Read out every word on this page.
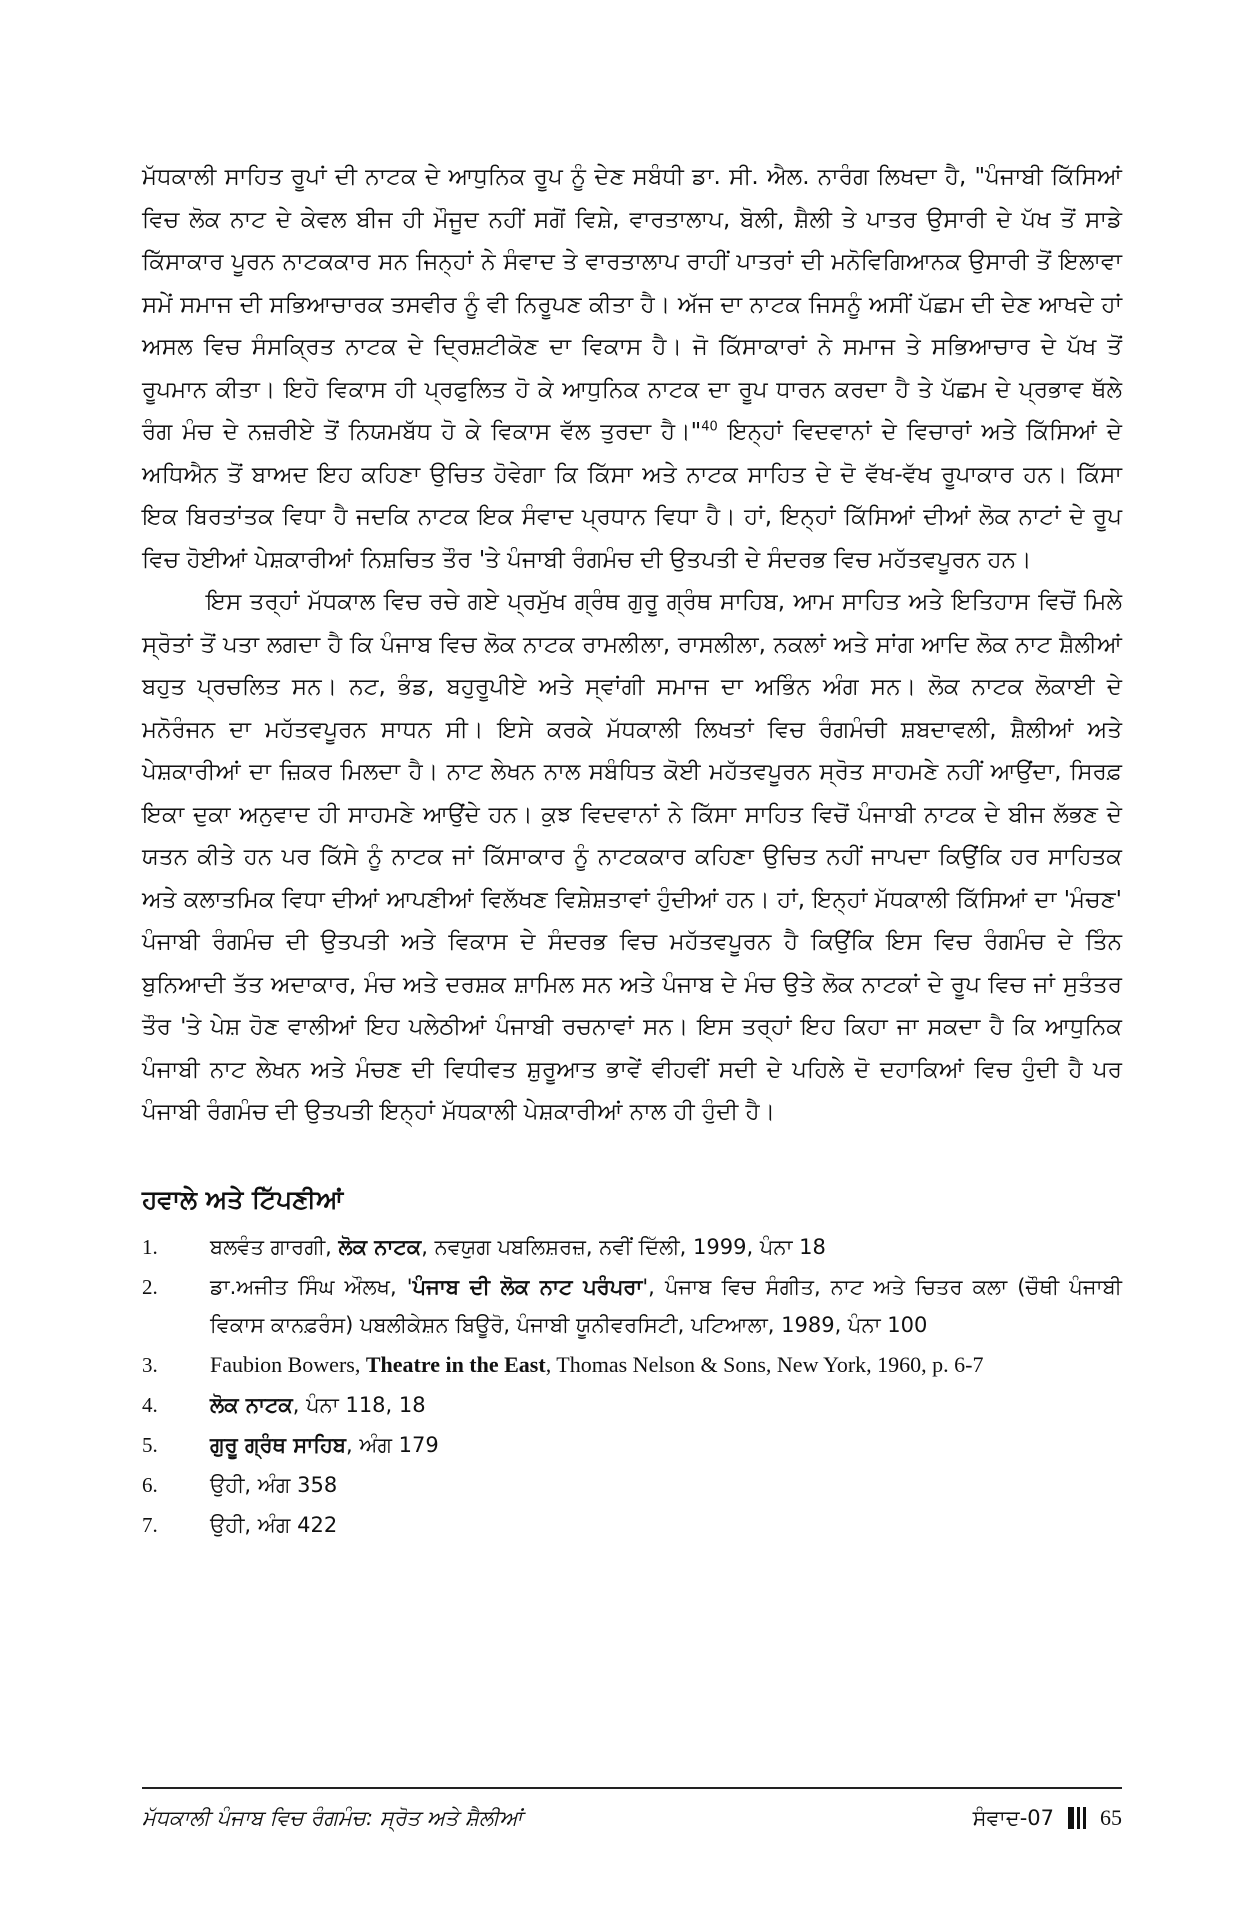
ਮੱਧਕਾਲੀ ਸਾਹਿਤ ਰੂਪਾਂ ਦੀ ਨਾਟਕ ਦੇ ਆਧੁਨਿਕ ਰੂਪ ਨੂੰ ਦੇਣ ਸਬੰਧੀ ਡਾ. ਸੀ. ਐਲ. ਨਾਰੰਗ ਲਿਖਦਾ ਹੈ, "ਪੰਜਾਬੀ ਕਿੱਸਿਆਂ ਵਿਚ ਲੋਕ ਨਾਟ ਦੇ ਕੇਵਲ ਬੀਜ ਹੀ ਮੌਜੂਦ ਨਹੀਂ ਸਗੋਂ ਵਿਸ਼ੇ, ਵਾਰਤਾਲਾਪ, ਬੋਲੀ, ਸ਼ੈਲੀ ਤੇ ਪਾਤਰ ਉਸਾਰੀ ਦੇ ਪੱਖ ਤੋਂ ਸਾਡੇ ਕਿੱਸਾਕਾਰ ਪੂਰਨ ਨਾਟਕਕਾਰ ਸਨ ਜਿਨ੍ਹਾਂ ਨੇ ਸੰਵਾਦ ਤੇ ਵਾਰਤਾਲਾਪ ਰਾਹੀਂ ਪਾਤਰਾਂ ਦੀ ਮਨੋਵਿਗਿਆਨਕ ਉਸਾਰੀ ਤੋਂ ਇਲਾਵਾ ਸਮੇਂ ਸਮਾਜ ਦੀ ਸਭਿਆਚਾਰਕ ਤਸਵੀਰ ਨੂੰ ਵੀ ਨਿਰੂਪਣ ਕੀਤਾ ਹੈ। ਅੱਜ ਦਾ ਨਾਟਕ ਜਿਸਨੂੰ ਅਸੀਂ ਪੱਛਮ ਦੀ ਦੇਣ ਆਖਦੇ ਹਾਂ ਅਸਲ ਵਿਚ ਸੰਸਕ੍ਰਿਤ ਨਾਟਕ ਦੇ ਦ੍ਰਿਸ਼ਟੀਕੋਣ ਦਾ ਵਿਕਾਸ ਹੈ। ਜੋ ਕਿੱਸਾਕਾਰਾਂ ਨੇ ਸਮਾਜ ਤੇ ਸਭਿਆਚਾਰ ਦੇ ਪੱਖ ਤੋਂ ਰੂਪਮਾਨ ਕੀਤਾ। ਇਹੋ ਵਿਕਾਸ ਹੀ ਪ੍ਰਫੁਲਿਤ ਹੋ ਕੇ ਆਧੁਨਿਕ ਨਾਟਕ ਦਾ ਰੂਪ ਧਾਰਨ ਕਰਦਾ ਹੈ ਤੇ ਪੱਛਮ ਦੇ ਪ੍ਰਭਾਵ ਥੱਲੇ ਰੰਗ ਮੰਚ ਦੇ ਨਜ਼ਰੀਏ ਤੋਂ ਨਿਯਮਬੱਧ ਹੋ ਕੇ ਵਿਕਾਸ ਵੱਲ ਤੁਰਦਾ ਹੈ।"$^{40}$ ਇਨ੍ਹਾਂ ਵਿਦਵਾਨਾਂ ਦੇ ਵਿਚਾਰਾਂ ਅਤੇ ਕਿੱਸਿਆਂ ਦੇ ਅਧਿਐਨ ਤੋਂ ਬਾਅਦ ਇਹ ਕਹਿਣਾ ਉਚਿਤ ਹੋਵੇਗਾ ਕਿ ਕਿੱਸਾ ਅਤੇ ਨਾਟਕ ਸਾਹਿਤ ਦੇ ਦੋ ਵੱਖ-ਵੱਖ ਰੂਪਾਕਾਰ ਹਨ। ਕਿੱਸਾ ਇਕ ਬਿਰਤਾਂਤਕ ਵਿਧਾ ਹੈ ਜਦਕਿ ਨਾਟਕ ਇਕ ਸੰਵਾਦ ਪ੍ਰਧਾਨ ਵਿਧਾ ਹੈ। ਹਾਂ, ਇਨ੍ਹਾਂ ਕਿੱਸਿਆਂ ਦੀਆਂ ਲੋਕ ਨਾਟਾਂ ਦੇ ਰੂਪ ਵਿਚ ਹੋਈਆਂ ਪੇਸ਼ਕਾਰੀਆਂ ਨਿਸ਼ਚਿਤ ਤੌਰ 'ਤੇ ਪੰਜਾਬੀ ਰੰਗਮੰਚ ਦੀ ਉਤਪਤੀ ਦੇ ਸੰਦਰਭ ਵਿਚ ਮਹੱਤਵਪੂਰਨ ਹਨ।

ਇਸ ਤਰ੍ਹਾਂ ਮੱਧਕਾਲ ਵਿਚ ਰਚੇ ਗਏ ਪ੍ਰਮੁੱਖ ਗ੍ਰੰਥ ਗੁਰੂ ਗ੍ਰੰਥ ਸਾਹਿਬ, ਆਮ ਸਾਹਿਤ ਅਤੇ ਇਤਿਹਾਸ ਵਿਚੋਂ ਮਿਲੇ ਸ੍ਰੋਤਾਂ ਤੋਂ ਪਤਾ ਲਗਦਾ ਹੈ ਕਿ ਪੰਜਾਬ ਵਿਚ ਲੋਕ ਨਾਟਕ ਰਾਮਲੀਲਾ, ਰਾਸਲੀਲਾ, ਨਕਲਾਂ ਅਤੇ ਸਾਂਗ ਆਦਿ ਲੋਕ ਨਾਟ ਸ਼ੈਲੀਆਂ ਬਹੁਤ ਪ੍ਰਚਲਿਤ ਸਨ। ਨਟ, ਭੰਡ, ਬਹੁਰੂਪੀਏ ਅਤੇ ਸ੍ਵਾਂਗੀ ਸਮਾਜ ਦਾ ਅਭਿੰਨ ਅੰਗ ਸਨ। ਲੋਕ ਨਾਟਕ ਲੋਕਾਈ ਦੇ ਮਨੋਰੰਜਨ ਦਾ ਮਹੱਤਵਪੂਰਨ ਸਾਧਨ ਸੀ। ਇਸੇ ਕਰਕੇ ਮੱਧਕਾਲੀ ਲਿਖਤਾਂ ਵਿਚ ਰੰਗਮੰਚੀ ਸ਼ਬਦਾਵਲੀ, ਸ਼ੈਲੀਆਂ ਅਤੇ ਪੇਸ਼ਕਾਰੀਆਂ ਦਾ ਜ਼ਿਕਰ ਮਿਲਦਾ ਹੈ। ਨਾਟ ਲੇਖਨ ਨਾਲ ਸਬੰਧਿਤ ਕੋਈ ਮਹੱਤਵਪੂਰਨ ਸ੍ਰੋਤ ਸਾਹਮਣੇ ਨਹੀਂ ਆਉਂਦਾ, ਸਿਰਫ਼ ਇਕਾ ਦੁਕਾ ਅਨੁਵਾਦ ਹੀ ਸਾਹਮਣੇ ਆਉਂਦੇ ਹਨ। ਕੁਝ ਵਿਦਵਾਨਾਂ ਨੇ ਕਿੱਸਾ ਸਾਹਿਤ ਵਿਚੋਂ ਪੰਜਾਬੀ ਨਾਟਕ ਦੇ ਬੀਜ ਲੱਭਣ ਦੇ ਯਤਨ ਕੀਤੇ ਹਨ ਪਰ ਕਿੱਸੇ ਨੂੰ ਨਾਟਕ ਜਾਂ ਕਿੱਸਾਕਾਰ ਨੂੰ ਨਾਟਕਕਾਰ ਕਹਿਣਾ ਉਚਿਤ ਨਹੀਂ ਜਾਪਦਾ ਕਿਉਂਕਿ ਹਰ ਸਾਹਿਤਕ ਅਤੇ ਕਲਾਤਮਿਕ ਵਿਧਾ ਦੀਆਂ ਆਪਣੀਆਂ ਵਿਲੱਖਣ ਵਿਸ਼ੇਸ਼ਤਾਵਾਂ ਹੁੰਦੀਆਂ ਹਨ। ਹਾਂ, ਇਨ੍ਹਾਂ ਮੱਧਕਾਲੀ ਕਿੱਸਿਆਂ ਦਾ 'ਮੰਚਣ' ਪੰਜਾਬੀ ਰੰਗਮੰਚ ਦੀ ਉਤਪਤੀ ਅਤੇ ਵਿਕਾਸ ਦੇ ਸੰਦਰਭ ਵਿਚ ਮਹੱਤਵਪੂਰਨ ਹੈ ਕਿਉਂਕਿ ਇਸ ਵਿਚ ਰੰਗਮੰਚ ਦੇ ਤਿੰਨ ਬੁਨਿਆਦੀ ਤੱਤ ਅਦਾਕਾਰ, ਮੰਚ ਅਤੇ ਦਰਸ਼ਕ ਸ਼ਾਮਿਲ ਸਨ ਅਤੇ ਪੰਜਾਬ ਦੇ ਮੰਚ ਉਤੇ ਲੋਕ ਨਾਟਕਾਂ ਦੇ ਰੂਪ ਵਿਚ ਜਾਂ ਸੁਤੰਤਰ ਤੌਰ 'ਤੇ ਪੇਸ਼ ਹੋਣ ਵਾਲੀਆਂ ਇਹ ਪਲੇਠੀਆਂ ਪੰਜਾਬੀ ਰਚਨਾਵਾਂ ਸਨ। ਇਸ ਤਰ੍ਹਾਂ ਇਹ ਕਿਹਾ ਜਾ ਸਕਦਾ ਹੈ ਕਿ ਆਧੁਨਿਕ ਪੰਜਾਬੀ ਨਾਟ ਲੇਖਨ ਅਤੇ ਮੰਚਣ ਦੀ ਵਿਧੀਵਤ ਸ਼ੁਰੂਆਤ ਭਾਵੇਂ ਵੀਹਵੀਂ ਸਦੀ ਦੇ ਪਹਿਲੇ ਦੋ ਦਹਾਕਿਆਂ ਵਿਚ ਹੁੰਦੀ ਹੈ ਪਰ ਪੰਜਾਬੀ ਰੰਗਮੰਚ ਦੀ ਉਤਪਤੀ ਇਨ੍ਹਾਂ ਮੱਧਕਾਲੀ ਪੇਸ਼ਕਾਰੀਆਂ ਨਾਲ ਹੀ ਹੁੰਦੀ ਹੈ।

ਹਵਾਲੇ ਅਤੇ ਟਿੱਪਣੀਆਂ
1.	ਬਲਵੰਤ ਗਾਰਗੀ, ਲੋਕ ਨਾਟਕ, ਨਵਯੁਗ ਪਬਲਿਸ਼ਰਜ਼, ਨਵੀਂ ਦਿੱਲੀ, 1999, ਪੰਨਾ 18
2.	ਡਾ.ਅਜੀਤ ਸਿੰਘ ਔਲਖ, 'ਪੰਜਾਬ ਦੀ ਲੋਕ ਨਾਟ ਪਰੰਪਰਾ', ਪੰਜਾਬ ਵਿਚ ਸੰਗੀਤ, ਨਾਟ ਅਤੇ ਚਿਤਰ ਕਲਾ (ਚੌਥੀ ਪੰਜਾਬੀ ਵਿਕਾਸ ਕਾਨਫ਼ਰੰਸ) ਪਬਲੀਕੇਸ਼ਨ ਬਿਊਰੋ, ਪੰਜਾਬੀ ਯੂਨੀਵਰਸਿਟੀ, ਪਟਿਆਲਾ, 1989, ਪੰਨਾ 100
3.	Faubion Bowers, Theatre in the East, Thomas Nelson & Sons, New York, 1960, p. 6-7
4.	ਲੋਕ ਨਾਟਕ, ਪੰਨਾ 118, 18
5.	ਗੁਰੂ ਗ੍ਰੰਥ ਸਾਹਿਬ, ਅੰਗ 179
6.	ਉਹੀ, ਅੰਗ 358
7.	ਉਹੀ, ਅੰਗ 422
ਮੱਧਕਾਲੀ ਪੰਜਾਬ ਵਿਚ ਰੰਗਮੰਚ: ਸ੍ਰੋਤ ਅਤੇ ਸ਼ੈਲੀਆਂ	ਸੰਵਾਦ-07 65
